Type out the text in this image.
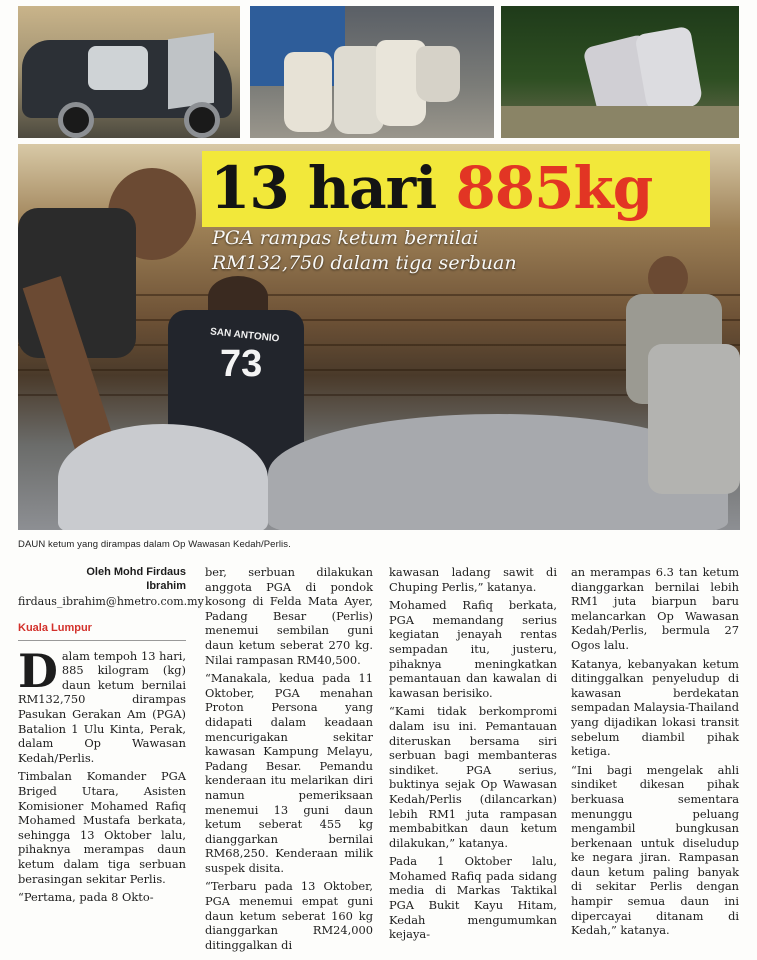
SAN ANTONIO
73
13 hari 885kg
PGA rampas ketum bernilai
RM132,750 dalam tiga serbuan
DAUN ketum yang dirampas dalam Op Wawasan Kedah/Perlis.
Oleh Mohd Firdaus
Ibrahim
firdaus_ibrahim@hmetro.com.my
Kuala Lumpur

Dalam tempoh 13 hari, 885 kilogram (kg) daun ketum bernilai RM132,750 dirampas Pasukan Gerakan Am (PGA) Batalion 1 Ulu Kinta, Perak, dalam Op Wawasan Kedah/Perlis.

Timbalan Komander PGA Briged Utara, Asisten Komisioner Mohamed Rafiq Mohamed Mustafa berkata, sehingga 13 Oktober lalu, pihaknya merampas daun ketum dalam tiga serbuan berasingan sekitar Perlis.

“Pertama, pada 8 Okto-

ber, serbuan dilakukan anggota PGA di pondok kosong di Felda Mata Ayer, Padang Besar (Perlis) menemui sembilan guni daun ketum seberat 270 kg. Nilai rampasan RM40,500.

“Manakala, kedua pada 11 Oktober, PGA menahan Proton Persona yang didapati dalam keadaan mencurigakan sekitar kawasan Kampung Melayu, Padang Besar. Pemandu kenderaan itu melarikan diri namun pemeriksaan menemui 13 guni daun ketum seberat 455 kg dianggarkan bernilai RM68,250. Kenderaan milik suspek disita.

“Terbaru pada 13 Oktober, PGA menemui empat guni daun ketum seberat 160 kg dianggarkan RM24,000 ditinggalkan di

kawasan ladang sawit di Chuping Perlis,” katanya.

Mohamed Rafiq berkata, PGA memandang serius kegiatan jenayah rentas sempadan itu, justeru, pihaknya meningkatkan pemantauan dan kawalan di kawasan berisiko.

“Kami tidak berkompromi dalam isu ini. Pemantauan diteruskan bersama siri serbuan bagi membanteras sindiket. PGA serius, buktinya sejak Op Wawasan Kedah/Perlis (dilancarkan) lebih RM1 juta rampasan membabitkan daun ketum dilakukan,” katanya.

Pada 1 Oktober lalu, Mohamed Rafiq pada sidang media di Markas Taktikal PGA Bukit Kayu Hitam, Kedah mengumumkan kejaya-

an merampas 6.3 tan ketum dianggarkan bernilai lebih RM1 juta biarpun baru melancarkan Op Wawasan Kedah/Perlis, bermula 27 Ogos lalu.

Katanya, kebanyakan ketum ditinggalkan penyeludup di kawasan berdekatan sempadan Malaysia-Thailand yang dijadikan lokasi transit sebelum diambil pihak ketiga.

“Ini bagi mengelak ahli sindiket dikesan pihak berkuasa sementara menunggu peluang mengambil bungkusan berkenaan untuk diseludup ke negara jiran. Rampasan daun ketum paling banyak di sekitar Perlis dengan hampir semua daun ini dipercayai ditanam di Kedah,” katanya.
